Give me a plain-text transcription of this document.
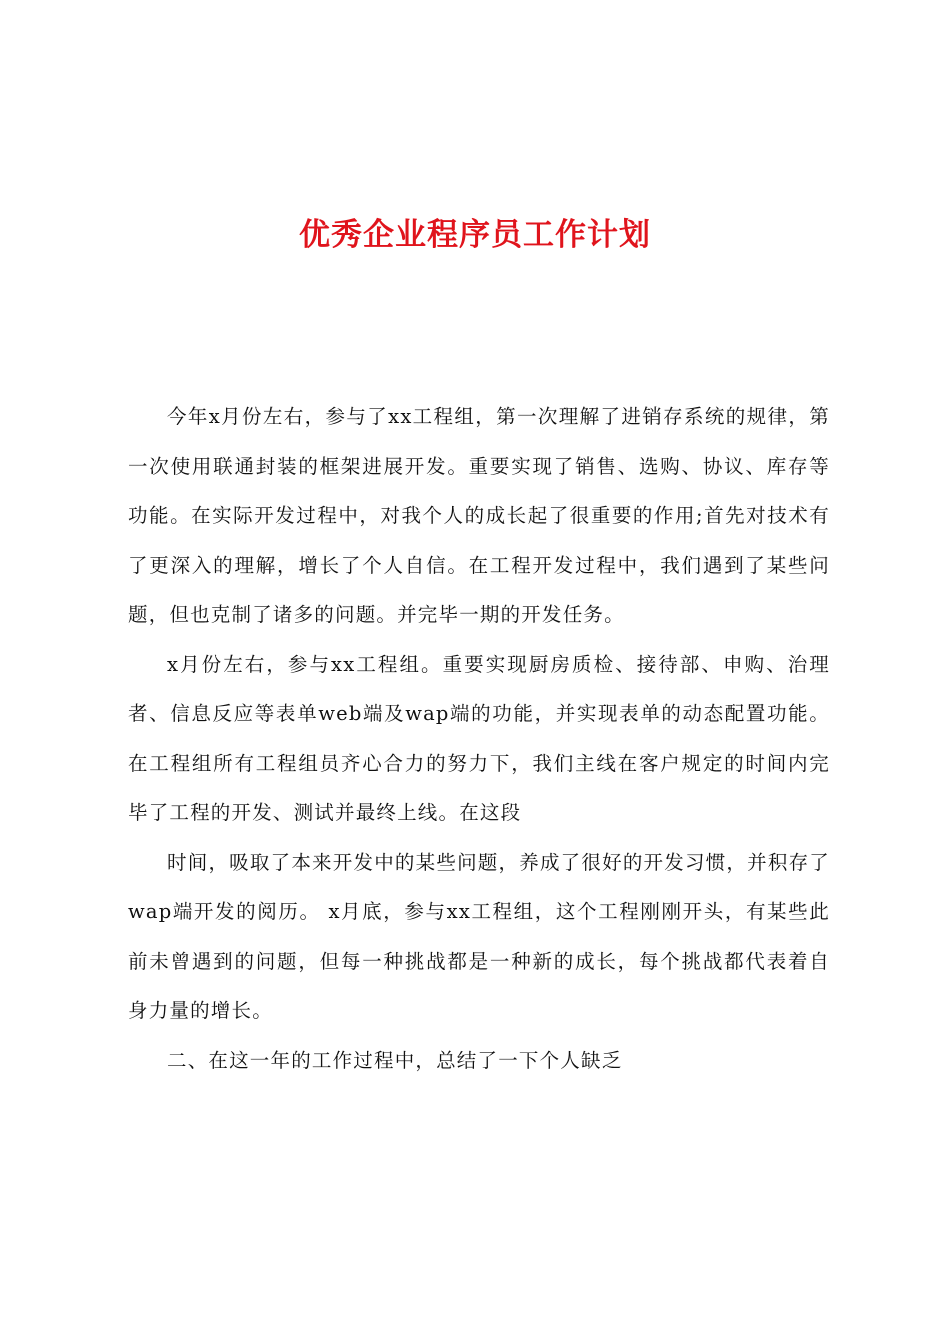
优秀企业程序员工作计划

今年x月份左右，参与了xx工程组，第一次理解了进销存系统的规律，第一次使用联通封装的框架进展开发。重要实现了销售、选购、协议、库存等功能。在实际开发过程中，对我个人的成长起了很重要的作用;首先对技术有了更深入的理解，增长了个人自信。在工程开发过程中，我们遇到了某些问题，但也克制了诸多的问题。并完毕一期的开发任务。

x月份左右，参与xx工程组。重要实现厨房质检、接待部、申购、治理者、信息反应等表单web端及wap端的功能，并实现表单的动态配置功能。在工程组所有工程组员齐心合力的努力下，我们主线在客户规定的时间内完毕了工程的开发、测试并最终上线。在这段

时间，吸取了本来开发中的某些问题，养成了很好的开发习惯，并积存了wap端开发的阅历。 x月底，参与xx工程组，这个工程刚刚开头，有某些此前未曾遇到的问题，但每一种挑战都是一种新的成长，每个挑战都代表着自身力量的增长。

二、在这一年的工作过程中，总结了一下个人缺乏
